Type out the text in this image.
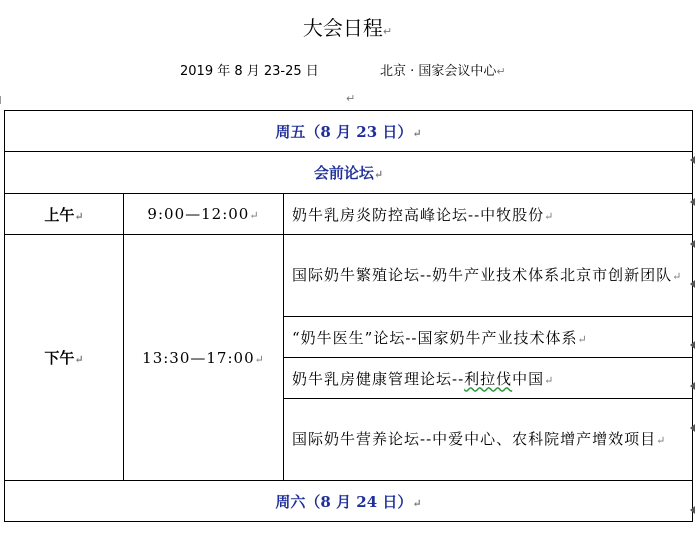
大会日程↵
2019 年 8 月 23-25 日	北京 · 国家会议中心↵
↵
周五（8 月 23 日）↵		
会前论坛↵		
上午↵	9:00—12:00↵	奶牛乳房炎防控高峰论坛--中牧股份↵
下午↵	13:30—17:00↵	国际奶牛繁殖论坛--奶牛产业技术体系北京市创新团队↵
		“奶牛医生”论坛--国家奶牛产业技术体系↵
		奶牛乳房健康管理论坛--利拉伐中国↵
		国际奶牛营养论坛--中爱中心、农科院增产增效项目↵
周六（8 月 24 日）↵		
